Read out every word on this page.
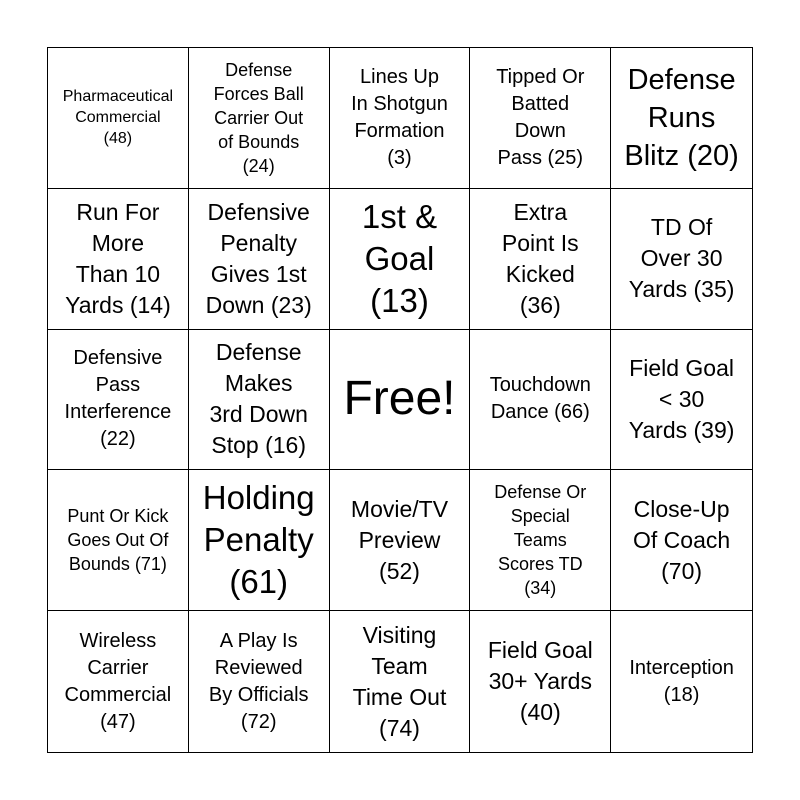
Pharmaceutical
Commercial
(48)
Defense
Forces Ball
Carrier Out
of Bounds
(24)
Lines Up
In Shotgun
Formation
(3)
Tipped Or
Batted
Down
Pass (25)
Defense
Runs
Blitz (20)
Run For
More
Than 10
Yards (14)
Defensive
Penalty
Gives 1st
Down (23)
1st &
Goal
(13)
Extra
Point Is
Kicked
(36)
TD Of
Over 30
Yards (35)
Defensive
Pass
Interference
(22)
Defense
Makes
3rd Down
Stop (16)
Free! Touchdown
Dance (66)
Field Goal
< 30
Yards (39)
Punt Or Kick
Goes Out Of
Bounds (71)
Holding
Penalty
(61)
Movie/TV
Preview
(52)
Defense Or
Special
Teams
Scores TD
(34)
Close-Up
Of Coach
(70)
Wireless
Carrier
Commercial
(47)
A Play Is
Reviewed
By Officials
(72)
Visiting
Team
Time Out
(74)
Field Goal
30+ Yards
(40)
Interception
(18)
